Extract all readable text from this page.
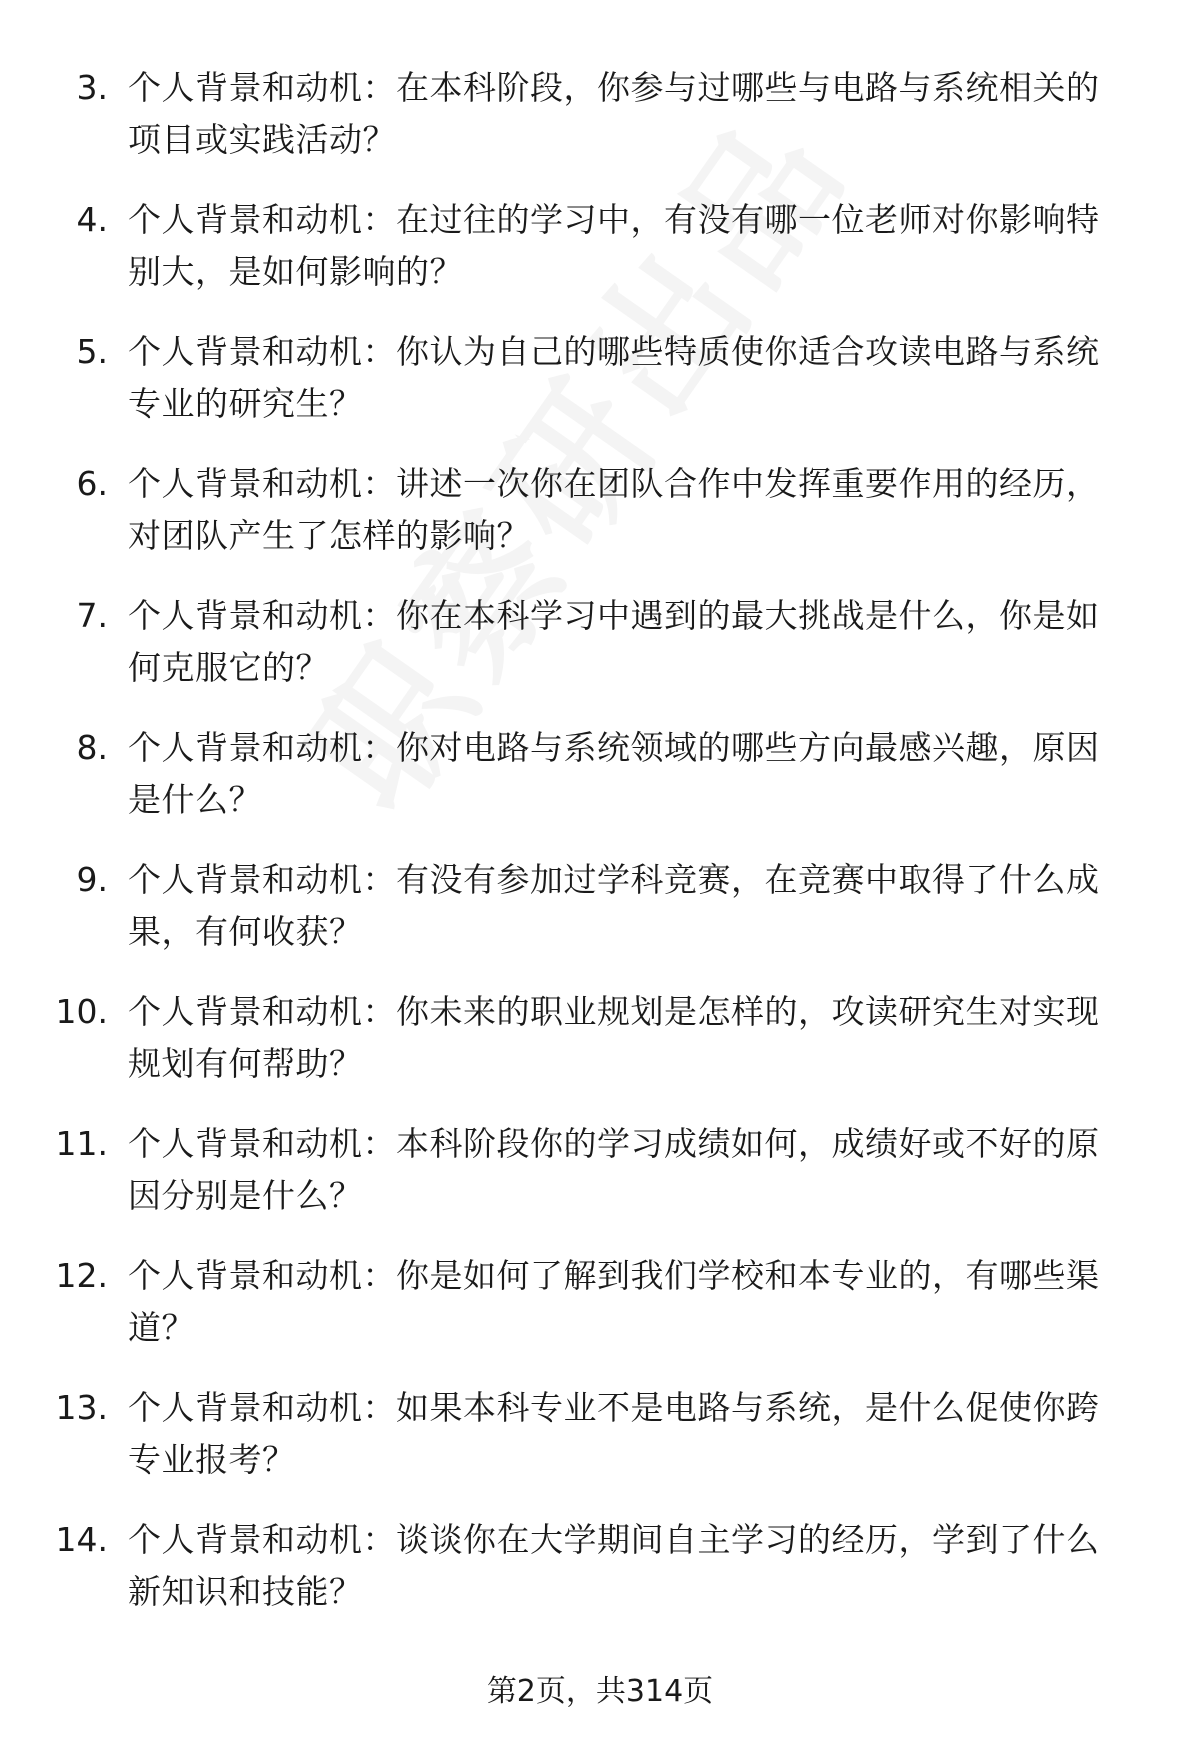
3. 个人背景和动机：在本科阶段，你参与过哪些与电路与系统相关的项目或实践活动？
4. 个人背景和动机：在过往的学习中，有没有哪一位老师对你影响特别大，是如何影响的？
5. 个人背景和动机：你认为自己的哪些特质使你适合攻读电路与系统专业的研究生？
6. 个人背景和动机：讲述一次你在团队合作中发挥重要作用的经历，对团队产生了怎样的影响？
7. 个人背景和动机：你在本科学习中遇到的最大挑战是什么，你是如何克服它的？
8. 个人背景和动机：你对电路与系统领域的哪些方向最感兴趣，原因是什么？
9. 个人背景和动机：有没有参加过学科竞赛，在竞赛中取得了什么成果，有何收获？
10. 个人背景和动机：你未来的职业规划是怎样的，攻读研究生对实现规划有何帮助？
11. 个人背景和动机：本科阶段你的学习成绩如何，成绩好或不好的原因分别是什么？
12. 个人背景和动机：你是如何了解到我们学校和本专业的，有哪些渠道？
13. 个人背景和动机：如果本科专业不是电路与系统，是什么促使你跨专业报考？
14. 个人背景和动机：谈谈你在大学期间自主学习的经历，学到了什么新知识和技能？
第2页，共314页
